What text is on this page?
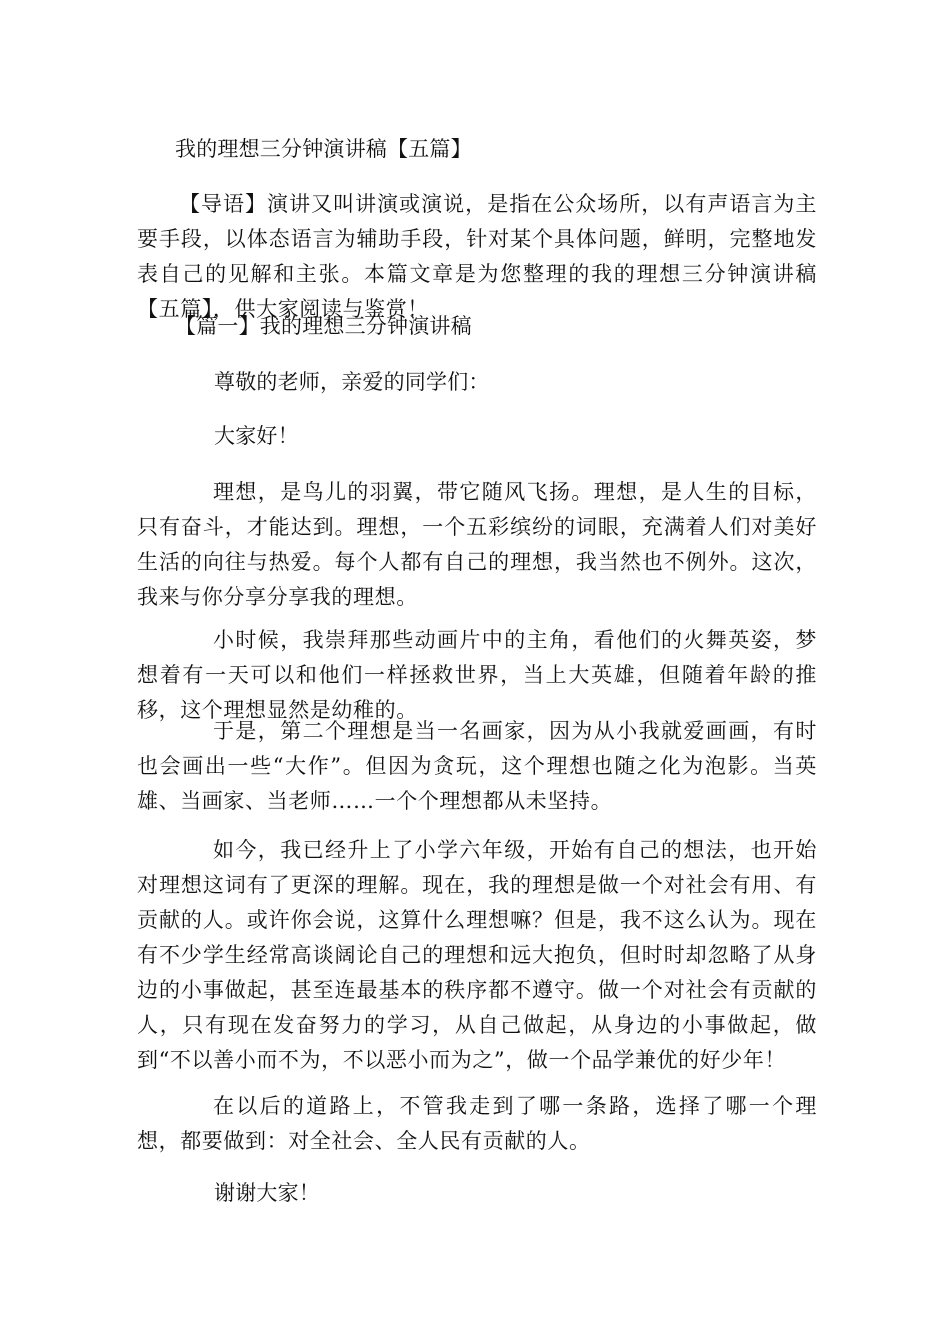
我的理想三分钟演讲稿【五篇】
【导语】演讲又叫讲演或演说，是指在公众场所，以有声语言为主要手段，以体态语言为辅助手段，针对某个具体问题，鲜明，完整地发表自己的见解和主张。本篇文章是为您整理的我的理想三分钟演讲稿【五篇】，供大家阅读与鉴赏！
【篇一】我的理想三分钟演讲稿
尊敬的老师，亲爱的同学们：
大家好！
理想，是鸟儿的羽翼，带它随风飞扬。理想，是人生的目标，只有奋斗，才能达到。理想，一个五彩缤纷的词眼，充满着人们对美好生活的向往与热爱。每个人都有自己的理想，我当然也不例外。这次，我来与你分享分享我的理想。
小时候，我崇拜那些动画片中的主角，看他们的火舞英姿，梦想着有一天可以和他们一样拯救世界，当上大英雄，但随着年龄的推移，这个理想显然是幼稚的。
于是，第二个理想是当一名画家，因为从小我就爱画画，有时也会画出一些“大作”。但因为贪玩，这个理想也随之化为泡影。当英雄、当画家、当老师……一个个理想都从未坚持。
如今，我已经升上了小学六年级，开始有自己的想法，也开始对理想这词有了更深的理解。现在，我的理想是做一个对社会有用、有贡献的人。或许你会说，这算什么理想嘛？但是，我不这么认为。现在有不少学生经常高谈阔论自己的理想和远大抱负，但时时却忽略了从身边的小事做起，甚至连最基本的秩序都不遵守。做一个对社会有贡献的人，只有现在发奋努力的学习，从自己做起，从身边的小事做起，做到“不以善小而不为，不以恶小而为之”，做一个品学兼优的好少年！
在以后的道路上，不管我走到了哪一条路，选择了哪一个理想，都要做到：对全社会、全人民有贡献的人。
谢谢大家！
